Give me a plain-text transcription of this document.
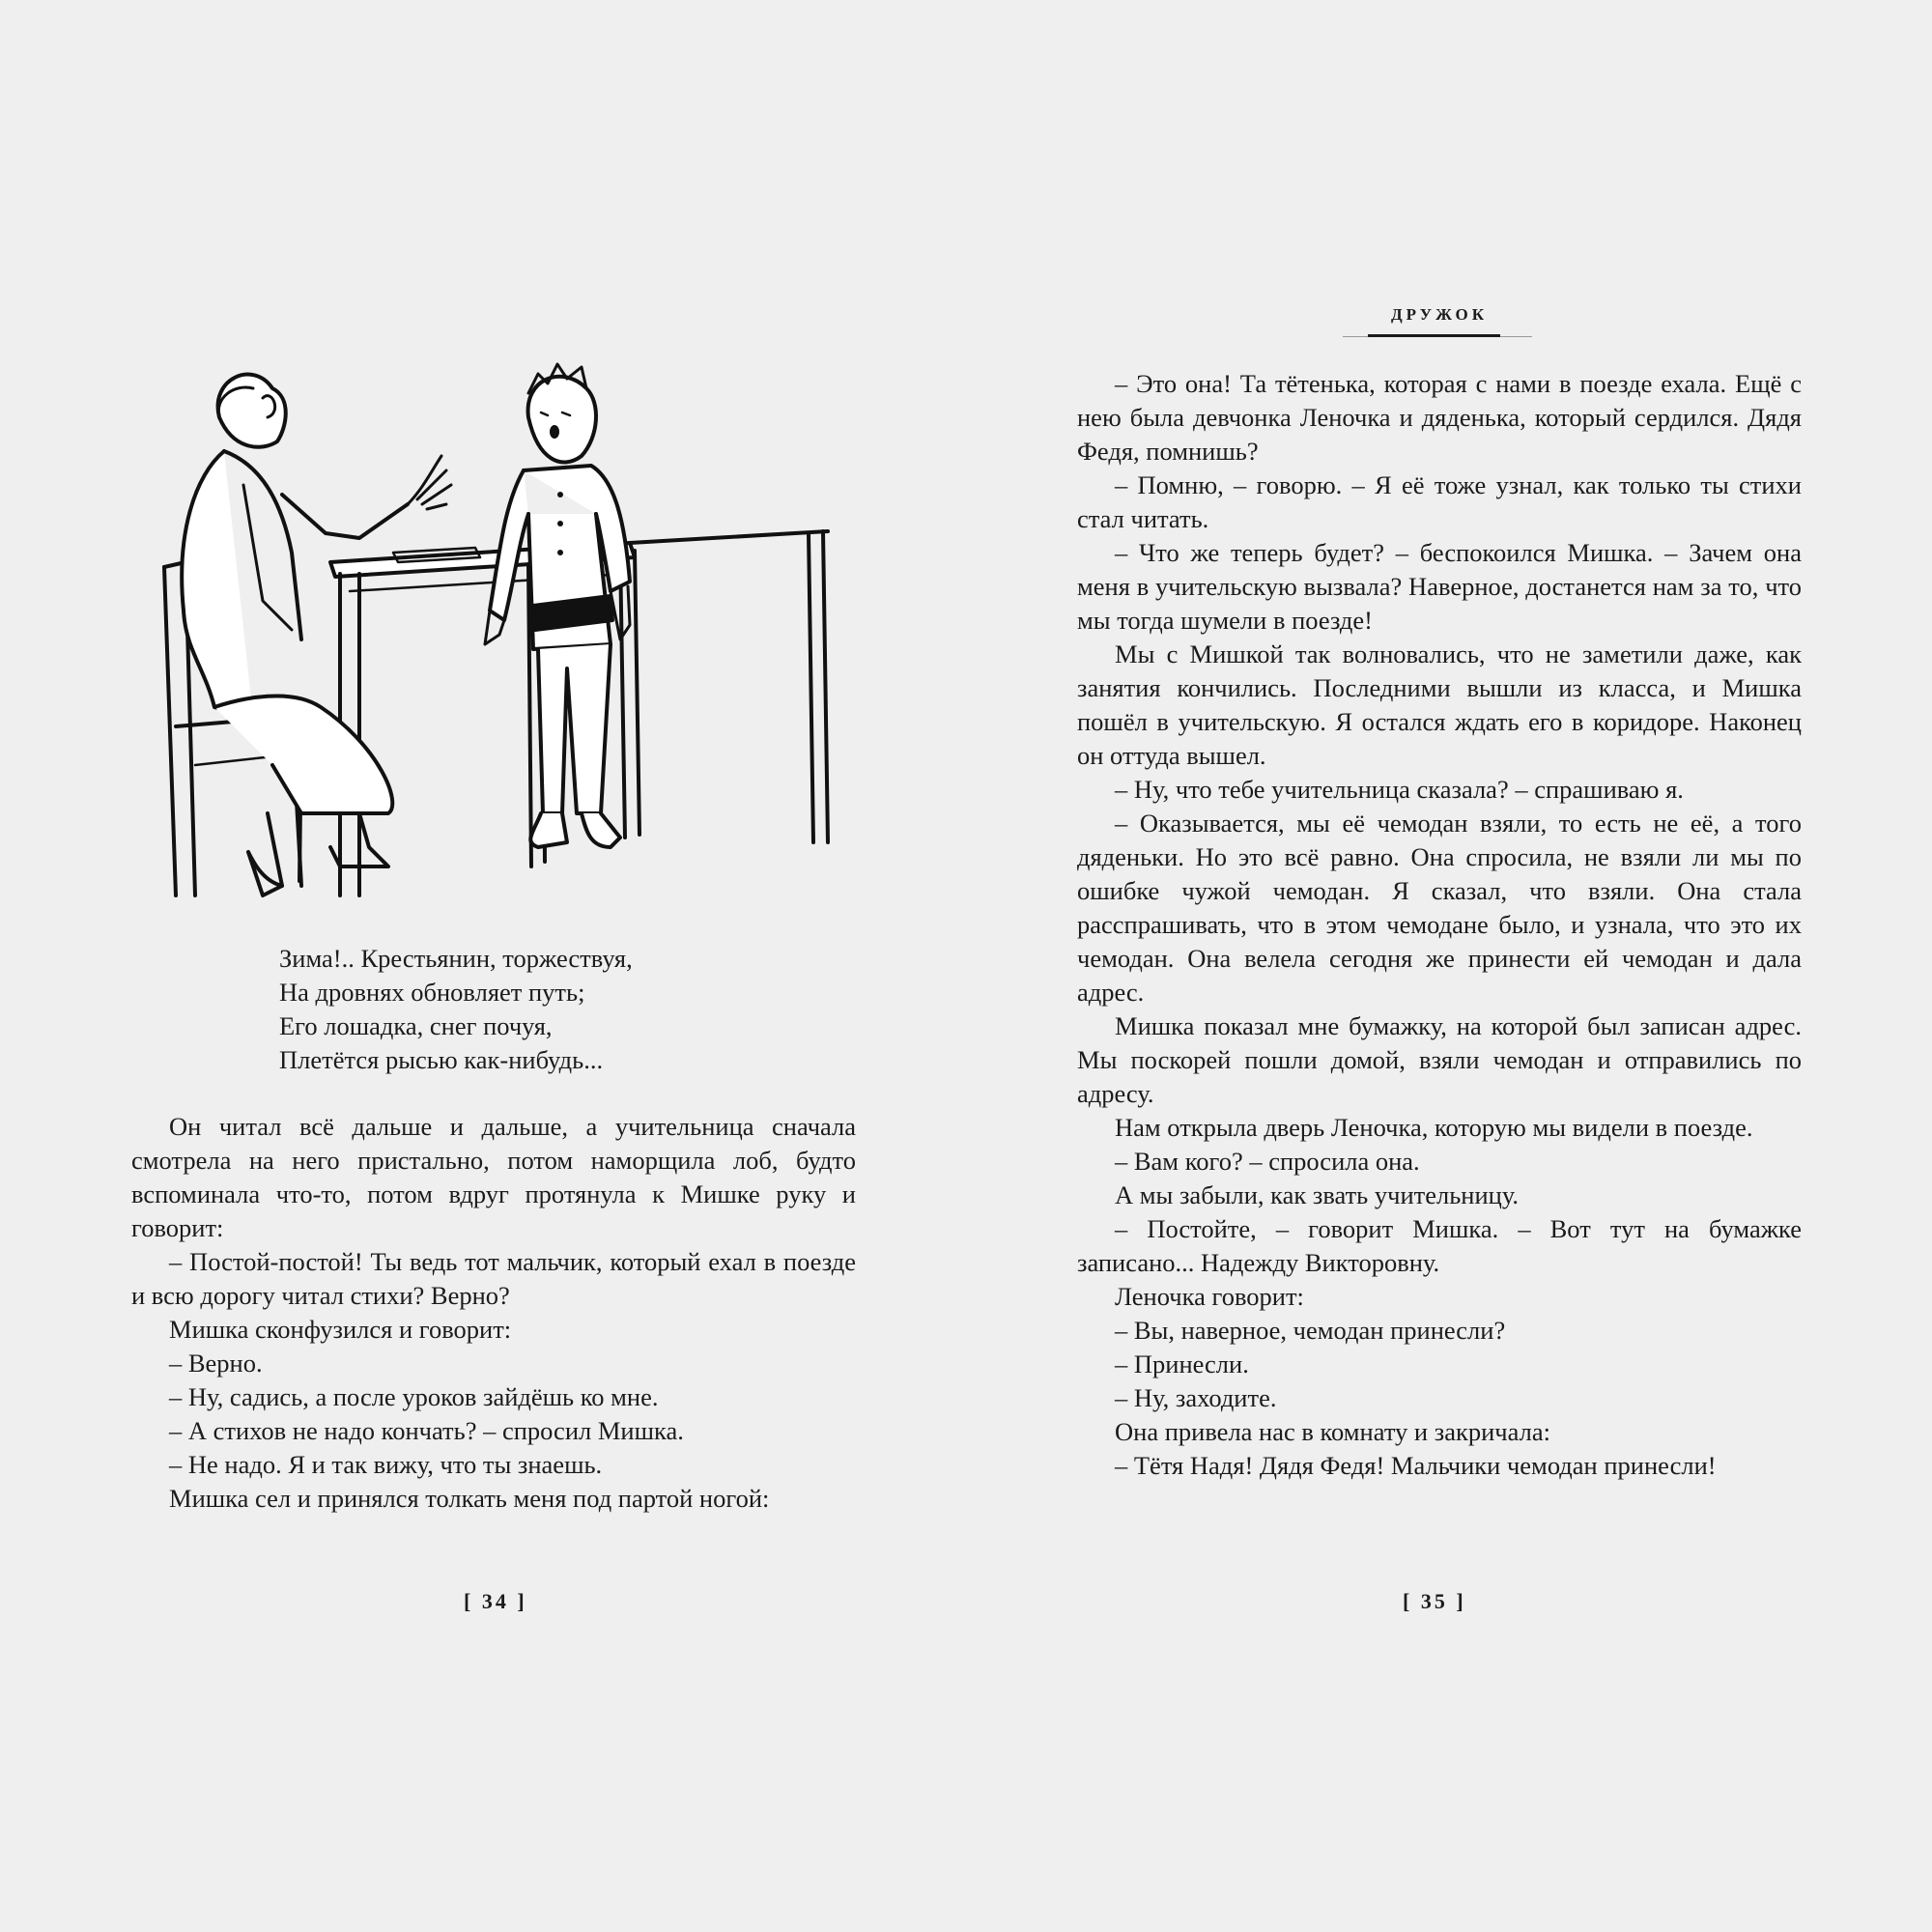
ДРУЖОК
Зима!.. Крестьянин, торжествуя,
На дровнях обновляет путь;
Его лошадка, снег почуя,
Плетётся рысью как-нибудь...

Он читал всё дальше и дальше, а учительница сначала смотрела на него пристально, потом наморщила лоб, будто вспоминала что-то, потом вдруг протянула к Мишке руку и говорит:

– Постой-постой! Ты ведь тот мальчик, который ехал в поезде и всю дорогу читал стихи? Верно?

Мишка сконфузился и говорит:

– Верно.

– Ну, садись, а после уроков зайдёшь ко мне.

– А стихов не надо кончать? – спросил Мишка.

– Не надо. Я и так вижу, что ты знаешь.

Мишка сел и принялся толкать меня под партой ногой:

– Это она! Та тётенька, которая с нами в поезде ехала. Ещё с нею была девчонка Леночка и дяденька, который сердился. Дядя Федя, помнишь?

– Помню, – говорю. – Я её тоже узнал, как только ты стихи стал читать.

– Что же теперь будет? – беспокоился Мишка. – Зачем она меня в учительскую вызвала? Наверное, достанется нам за то, что мы тогда шумели в поезде!

Мы с Мишкой так волновались, что не заметили даже, как занятия кончились. Последними вышли из класса, и Мишка пошёл в учительскую. Я остался ждать его в коридоре. Наконец он оттуда вышел.

– Ну, что тебе учительница сказала? – спрашиваю я.

– Оказывается, мы её чемодан взяли, то есть не её, а того дяденьки. Но это всё равно. Она спросила, не взяли ли мы по ошибке чужой чемодан. Я сказал, что взяли. Она стала расспрашивать, что в этом чемодане было, и узнала, что это их чемодан. Она велела сегодня же принести ей чемодан и дала адрес.

Мишка показал мне бумажку, на которой был записан адрес. Мы поскорей пошли домой, взяли чемодан и отправились по адресу.

Нам открыла дверь Леночка, которую мы видели в поезде.

– Вам кого? – спросила она.

А мы забыли, как звать учительницу.

– Постойте, – говорит Мишка. – Вот тут на бумажке записано... Надежду Викторовну.

Леночка говорит:

– Вы, наверное, чемодан принесли?

– Принесли.

– Ну, заходите.

Она привела нас в комнату и закричала:

– Тётя Надя! Дядя Федя! Мальчики чемодан принесли!

[ 34 ]	[ 35 ]
